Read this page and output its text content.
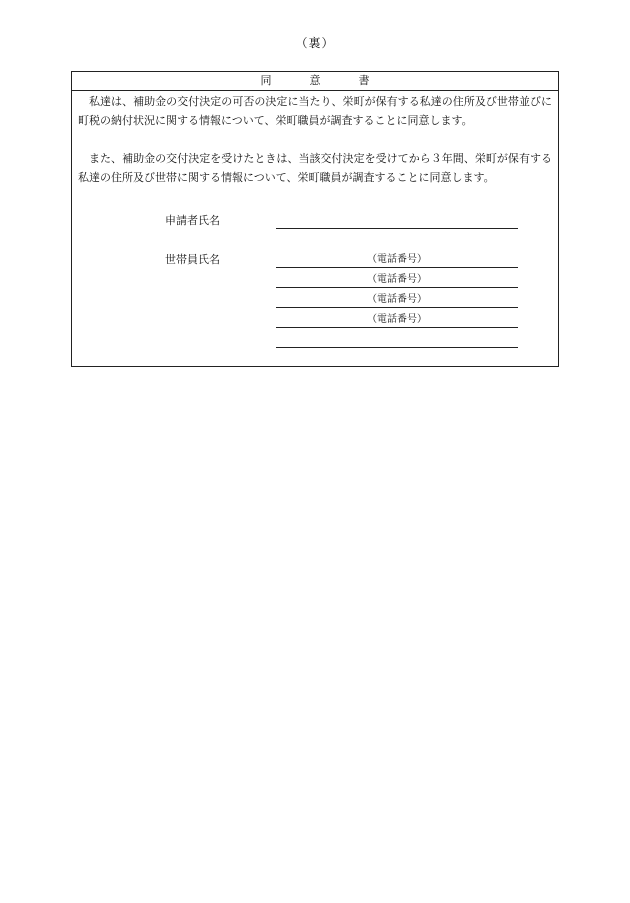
（裏）
同意書

私達は、補助金の交付決定の可否の決定に当たり、栄町が保有する私達の住所及び世帯並びに町税の納付状況に関する情報について、栄町職員が調査することに同意します。

また、補助金の交付決定を受けたときは、当該交付決定を受けてから３年間、栄町が保有する私達の住所及び世帯に関する情報について、栄町職員が調査することに同意します。

申請者氏名
世帯員氏名	（電話番号）
（電話番号）
（電話番号）
（電話番号）
